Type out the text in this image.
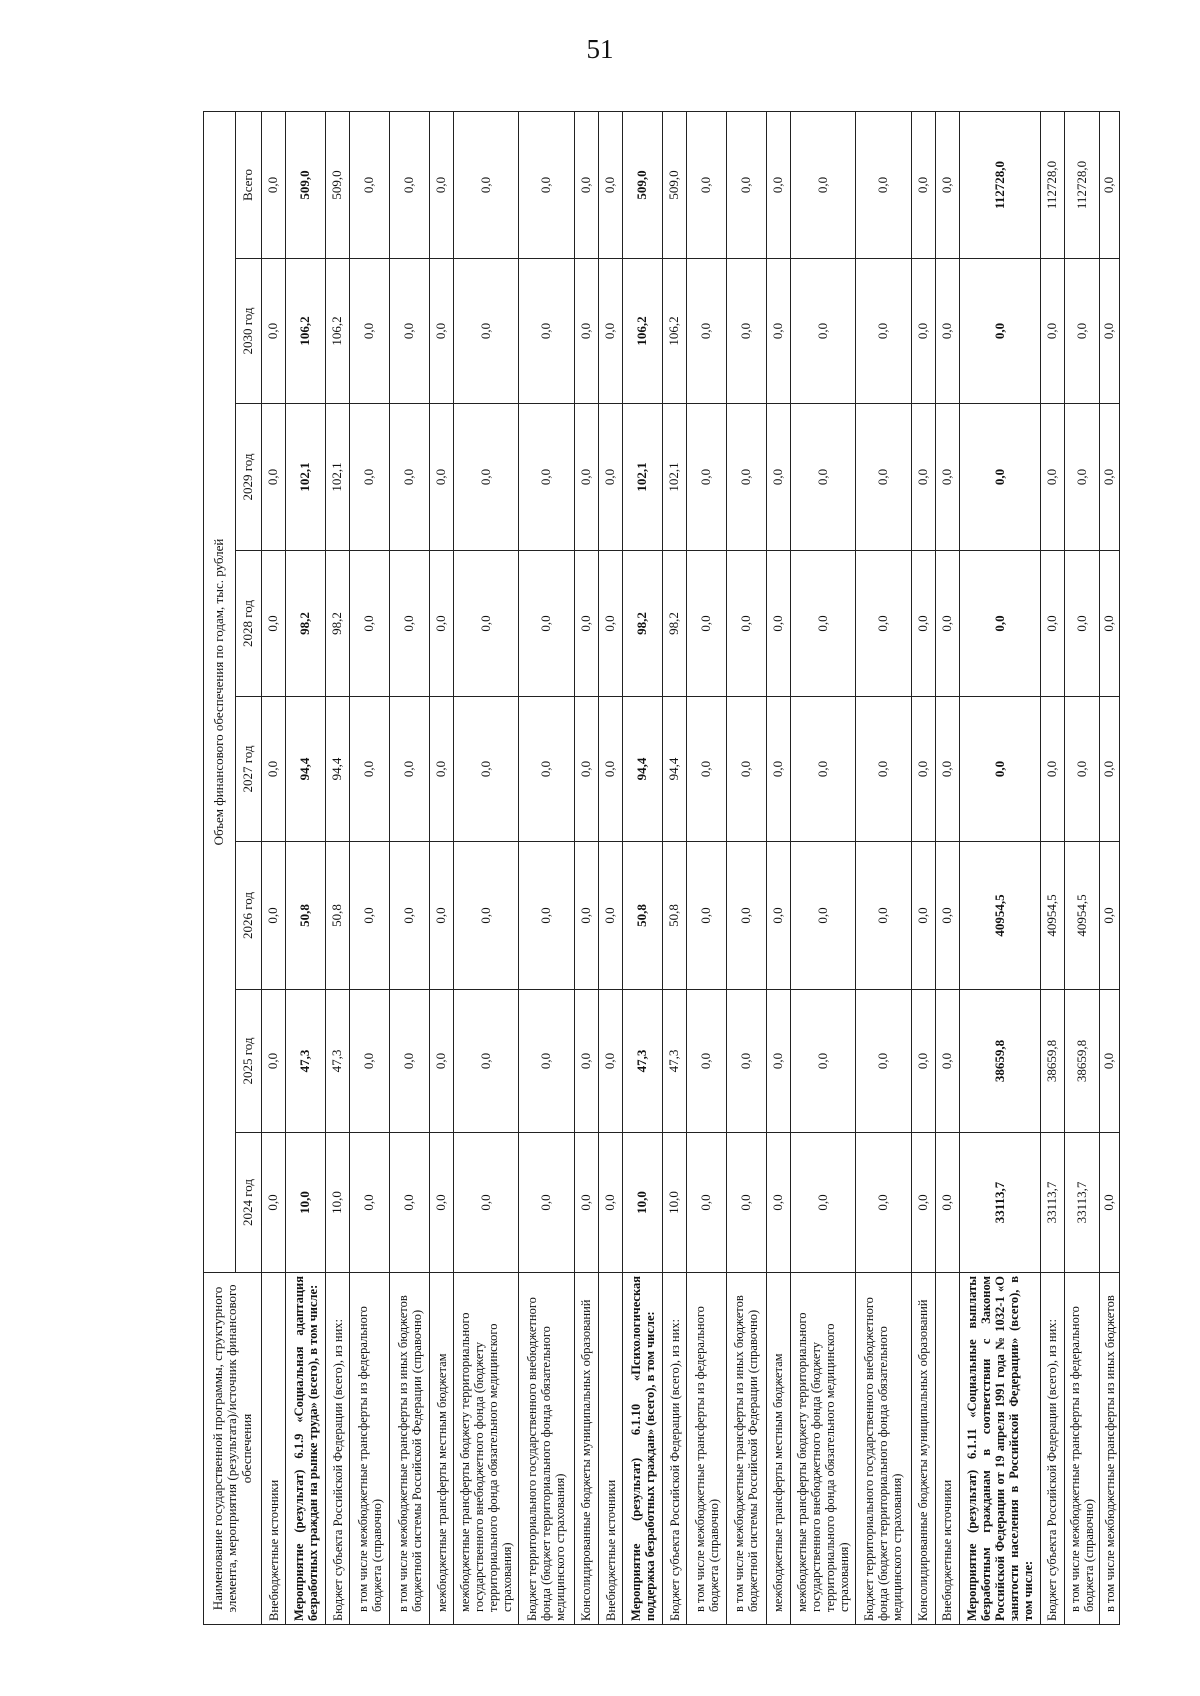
51
Наименование государственной программы, структурного элемента, мероприятия (результата)/источник финансового обеспечения	Объем финансового обеспечения по годам, тыс. рублей							
	2024 год	2025 год	2026 год	2027 год	2028 год	2029 год	2030 год	Всего
Внебюджетные источники	0,0	0,0	0,0	0,0	0,0	0,0	0,0	0,0
Мероприятие (результат) 6.1.9 «Социальная адаптация безработных граждан на рынке труда» (всего), в том числе:	10,0	47,3	50,8	94,4	98,2	102,1	106,2	509,0
Бюджет субъекта Российской Федерации (всего), из них:	10,0	47,3	50,8	94,4	98,2	102,1	106,2	509,0
в том числе межбюджетные трансферты из федерального бюджета (справочно)	0,0	0,0	0,0	0,0	0,0	0,0	0,0	0,0
в том числе межбюджетные трансферты из иных бюджетов бюджетной системы Российской Федерации (справочно)	0,0	0,0	0,0	0,0	0,0	0,0	0,0	0,0
межбюджетные трансферты местным бюджетам	0,0	0,0	0,0	0,0	0,0	0,0	0,0	0,0
межбюджетные трансферты бюджету территориального государственного внебюджетного фонда (бюджету территориального фонда обязательного медицинского страхования)	0,0	0,0	0,0	0,0	0,0	0,0	0,0	0,0
Бюджет территориального государственного внебюджетного фонда (бюджет территориального фонда обязательного медицинского страхования)	0,0	0,0	0,0	0,0	0,0	0,0	0,0	0,0
Консолидированные бюджеты муниципальных образований	0,0	0,0	0,0	0,0	0,0	0,0	0,0	0,0
Внебюджетные источники	0,0	0,0	0,0	0,0	0,0	0,0	0,0	0,0
Мероприятие (результат) 6.1.10 «Психологическая поддержка безработных граждан» (всего), в том числе:	10,0	47,3	50,8	94,4	98,2	102,1	106,2	509,0
Бюджет субъекта Российской Федерации (всего), из них:	10,0	47,3	50,8	94,4	98,2	102,1	106,2	509,0
в том числе межбюджетные трансферты из федерального бюджета (справочно)	0,0	0,0	0,0	0,0	0,0	0,0	0,0	0,0
в том числе межбюджетные трансферты из иных бюджетов бюджетной системы Российской Федерации (справочно)	0,0	0,0	0,0	0,0	0,0	0,0	0,0	0,0
межбюджетные трансферты местным бюджетам	0,0	0,0	0,0	0,0	0,0	0,0	0,0	0,0
межбюджетные трансферты бюджету территориального государственного внебюджетного фонда (бюджету территориального фонда обязательного медицинского страхования)	0,0	0,0	0,0	0,0	0,0	0,0	0,0	0,0
Бюджет территориального государственного внебюджетного фонда (бюджет территориального фонда обязательного медицинского страхования)	0,0	0,0	0,0	0,0	0,0	0,0	0,0	0,0
Консолидированные бюджеты муниципальных образований	0,0	0,0	0,0	0,0	0,0	0,0	0,0	0,0
Внебюджетные источники	0,0	0,0	0,0	0,0	0,0	0,0	0,0	0,0
Мероприятие (результат) 6.1.11 «Социальные выплаты безработным гражданам в соответствии с Законом Российской Федерации от 19 апреля 1991 года № 1032-1 «О занятости населения в Российской Федерации» (всего), в том числе:	33113,7	38659,8	40954,5	0,0	0,0	0,0	0,0	112728,0
Бюджет субъекта Российской Федерации (всего), из них:	33113,7	38659,8	40954,5	0,0	0,0	0,0	0,0	112728,0
в том числе межбюджетные трансферты из федерального бюджета (справочно)	33113,7	38659,8	40954,5	0,0	0,0	0,0	0,0	112728,0
в том числе межбюджетные трансферты из иных бюджетов	0,0	0,0	0,0	0,0	0,0	0,0	0,0	0,0
